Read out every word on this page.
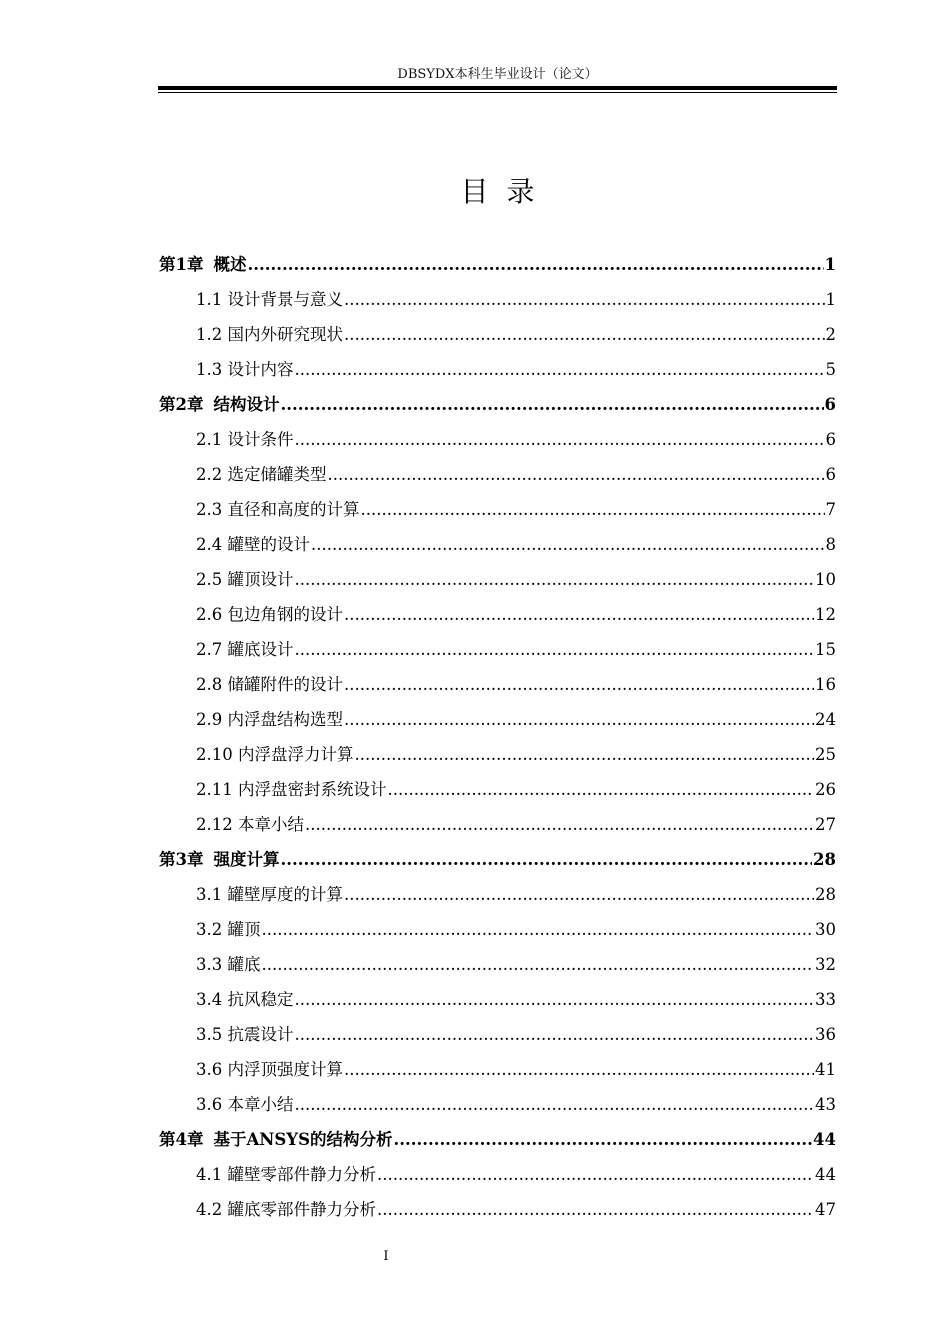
DBSYDX本科生毕业设计（论文）
目录
第1章 概述 .....	1
1.1 设计背景与意义 .....	1
1.2 国内外研究现状 .....	2
1.3 设计内容 .....	5
第2章 结构设计 .....	6
2.1 设计条件 .....	6
2.2 选定储罐类型 .....	6
2.3 直径和高度的计算 .....	7
2.4 罐壁的设计 .....	8
2.5 罐顶设计 .....	10
2.6 包边角钢的设计 .....	12
2.7 罐底设计 .....	15
2.8 储罐附件的设计 .....	16
2.9 内浮盘结构选型 .....	24
2.10 内浮盘浮力计算 .....	25
2.11 内浮盘密封系统设计 .....	26
2.12 本章小结 .....	27
第3章 强度计算 .....	28
3.1 罐壁厚度的计算 .....	28
3.2 罐顶 .....	30
3.3 罐底 .....	32
3.4 抗风稳定 .....	33
3.5 抗震设计 .....	36
3.6 内浮顶强度计算 .....	41
3.6 本章小结 .....	43
第4章 基于ANSYS的结构分析 .....	44
4.1 罐壁零部件静力分析 .....	44
4.2 罐底零部件静力分析 .....	47
I
